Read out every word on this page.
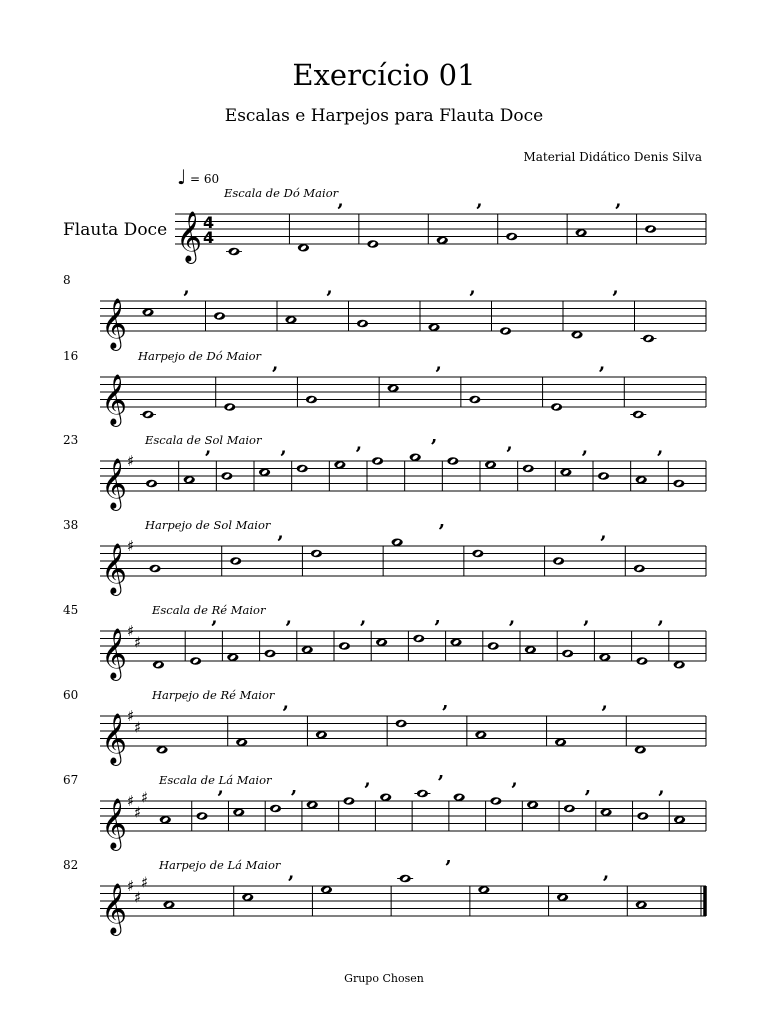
Exercício 01
Escalas e Harpejos para Flauta Doce
Material Didático Denis Silva
♩ = 60
𝄞
Flauta Doce 4
4
Escala de Dó Maior
’	’	’
𝄞
8
’	’	’	’
𝄞
16	Harpejo de Dó Maior
’	’	’
𝄞 ♯
23	Escala de Sol Maior
’	’	’	’	’	’	’
𝄞 ♯
38	Harpejo de Sol Maior
’	’	’
𝄞 ♯
♯
45	Escala de Ré Maior
’	’	’	’	’	’	’
𝄞 ♯
♯
60	Harpejo de Ré Maior
’	’	’
𝄞 ♯
♯
♯
67	Escala de Lá Maior
’	’	’	’	’	’	’
𝄞 ♯
♯
♯
82	Harpejo de Lá Maior
’
’
’
Grupo Chosen
